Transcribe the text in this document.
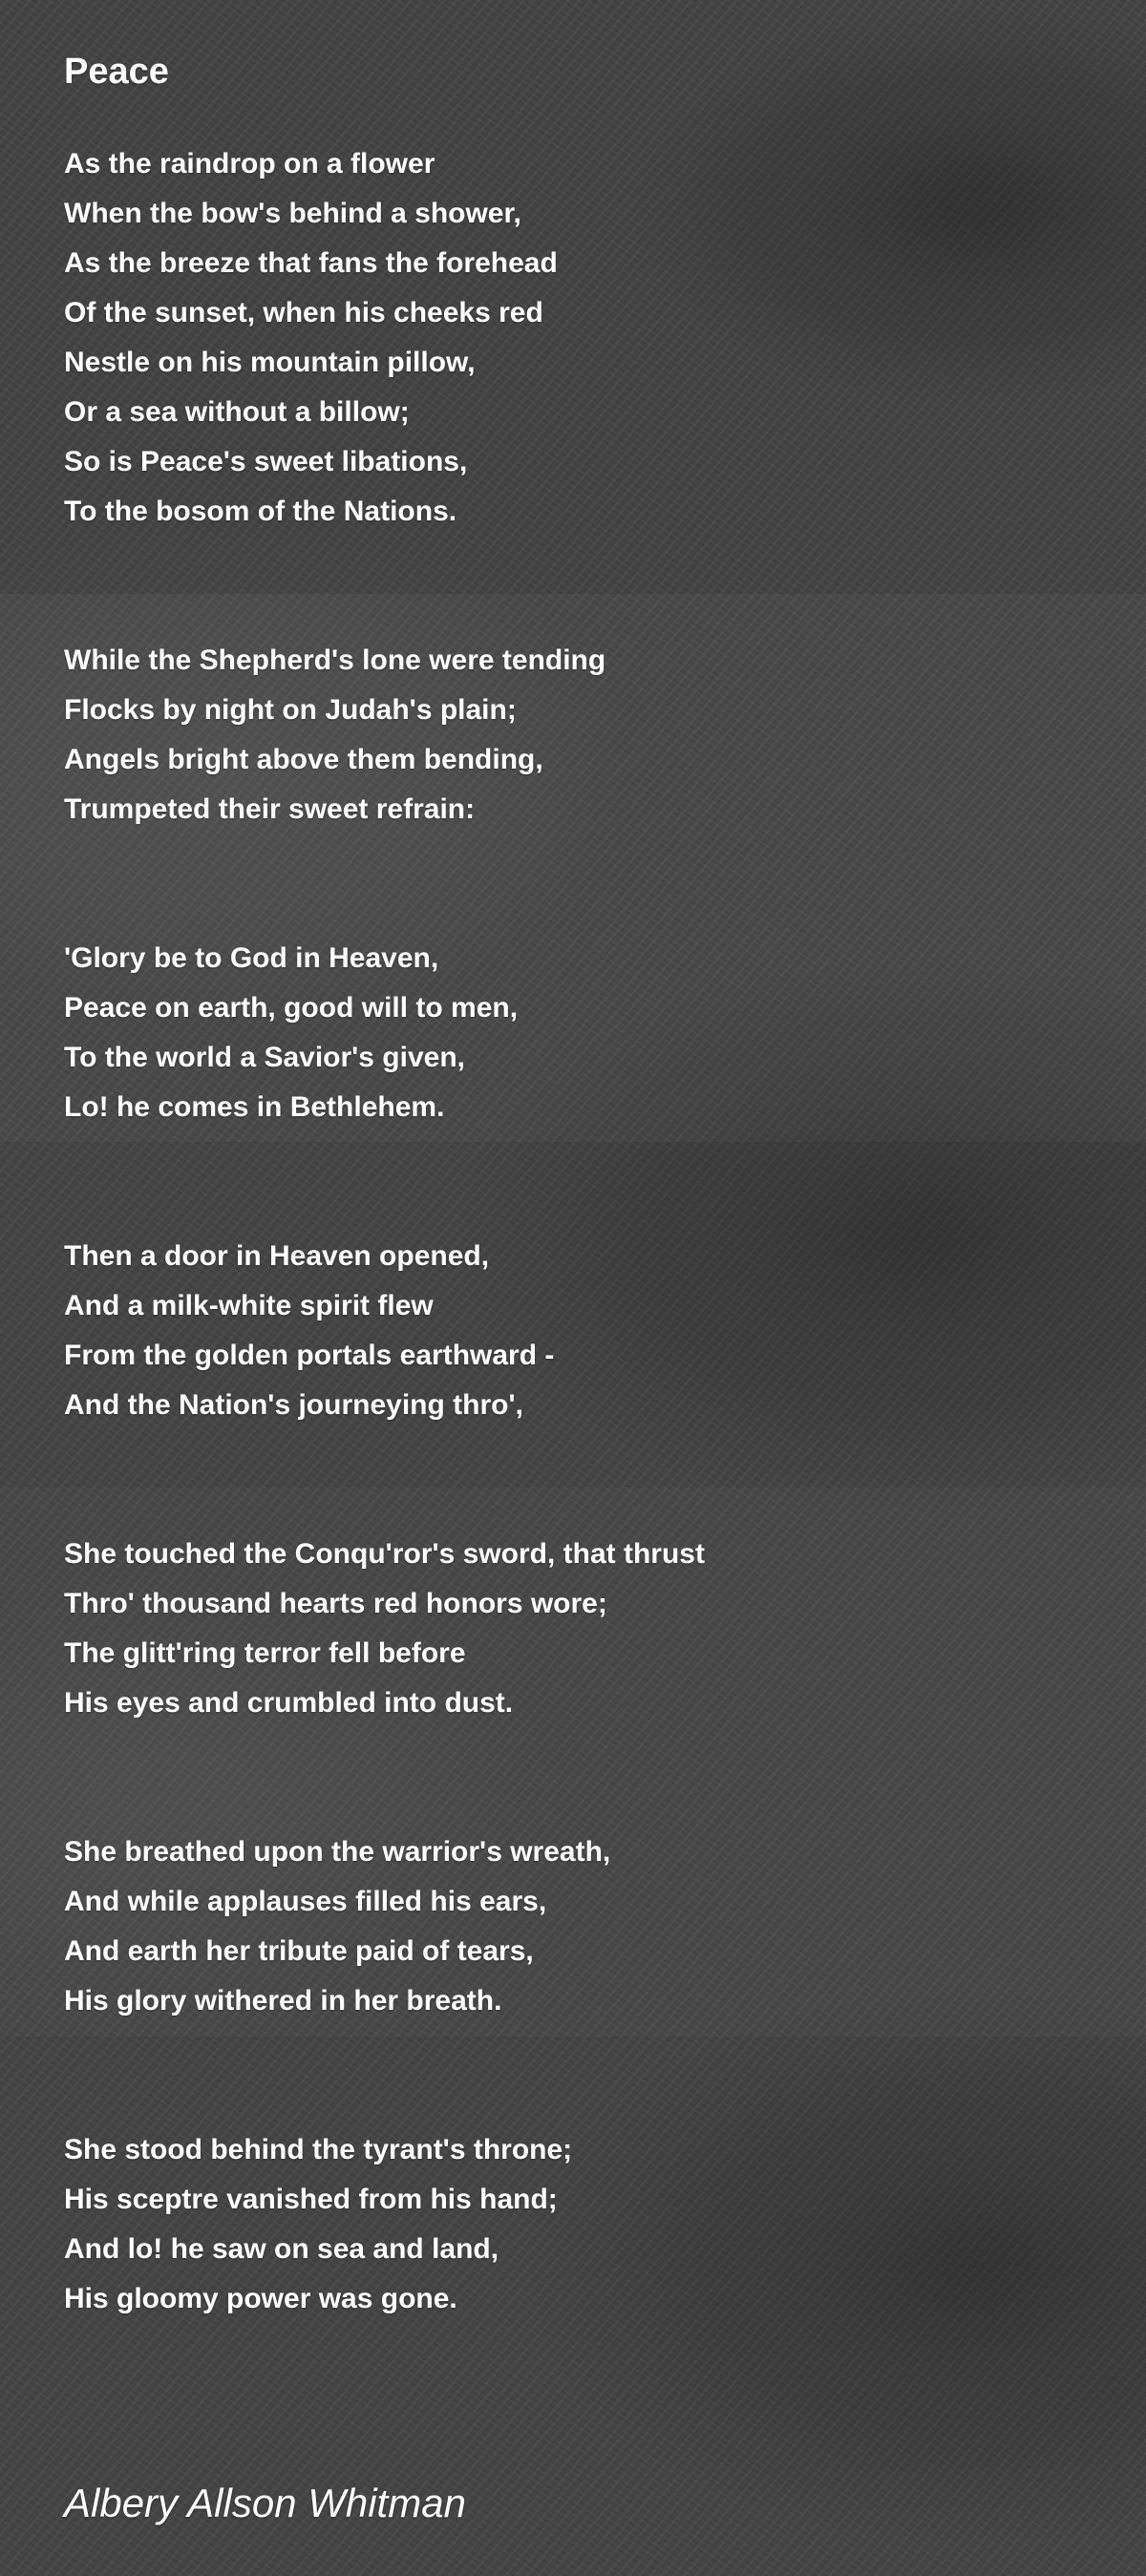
Peace
As the raindrop on a flower
When the bow's behind a shower,
As the breeze that fans the forehead
Of the sunset, when his cheeks red
Nestle on his mountain pillow,
Or a sea without a billow;
So is Peace's sweet libations,
To the bosom of the Nations.
While the Shepherd's lone were tending
Flocks by night on Judah's plain;
Angels bright above them bending,
Trumpeted their sweet refrain:
'Glory be to God in Heaven,
Peace on earth, good will to men,
To the world a Savior's given,
Lo! he comes in Bethlehem.
Then a door in Heaven opened,
And a milk-white spirit flew
From the golden portals earthward -
And the Nation's journeying thro',
She touched the Conqu'ror's sword, that thrust
Thro' thousand hearts red honors wore;
The glitt'ring terror fell before
His eyes and crumbled into dust.
She breathed upon the warrior's wreath,
And while applauses filled his ears,
And earth her tribute paid of tears,
His glory withered in her breath.
She stood behind the tyrant's throne;
His sceptre vanished from his hand;
And lo! he saw on sea and land,
His gloomy power was gone.
Albery Allson Whitman
